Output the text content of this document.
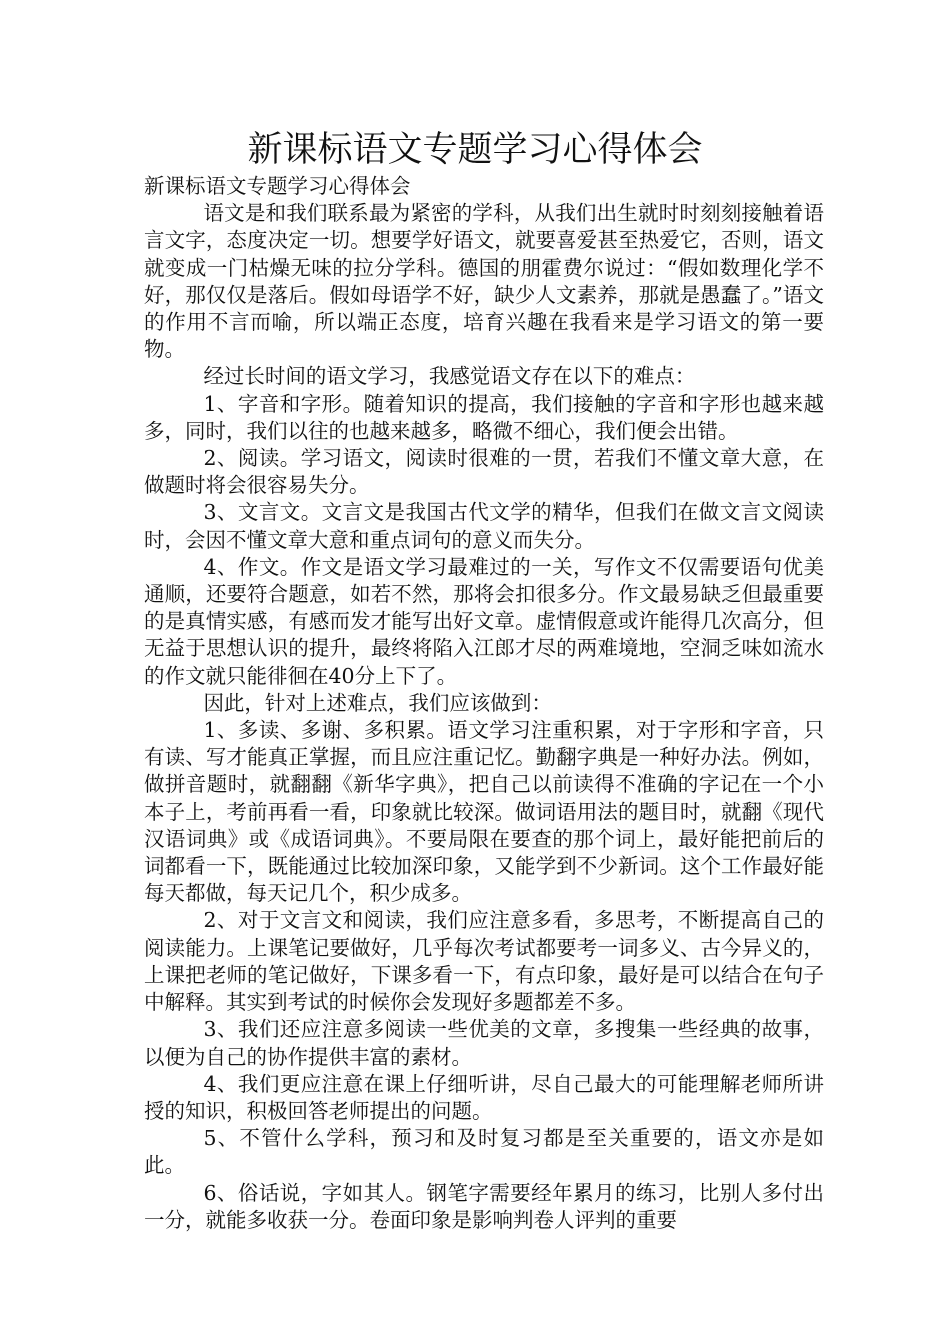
新课标语文专题学习心得体会

新课标语文专题学习心得体会

语文是和我们联系最为紧密的学科，从我们出生就时时刻刻接触着语言文字，态度决定一切。想要学好语文，就要喜爱甚至热爱它，否则，语文就变成一门枯燥无味的拉分学科。德国的朋霍费尔说过：“假如数理化学不好，那仅仅是落后。假如母语学不好，缺少人文素养，那就是愚蠢了。”语文的作用不言而喻，所以端正态度，培育兴趣在我看来是学习语文的第一要物。

经过长时间的语文学习，我感觉语文存在以下的难点：

1、字音和字形。随着知识的提高，我们接触的字音和字形也越来越多，同时，我们以往的也越来越多，略微不细心，我们便会出错。

2、阅读。学习语文，阅读时很难的一贯，若我们不懂文章大意，在做题时将会很容易失分。

3、文言文。文言文是我国古代文学的精华，但我们在做文言文阅读时，会因不懂文章大意和重点词句的意义而失分。

4、作文。作文是语文学习最难过的一关，写作文不仅需要语句优美通顺，还要符合题意，如若不然，那将会扣很多分。作文最易缺乏但最重要的是真情实感，有感而发才能写出好文章。虚情假意或许能得几次高分，但无益于思想认识的提升，最终将陷入江郎才尽的两难境地，空洞乏味如流水的作文就只能徘徊在40分上下了。

因此，针对上述难点，我们应该做到：

1、多读、多谢、多积累。语文学习注重积累，对于字形和字音，只有读、写才能真正掌握，而且应注重记忆。勤翻字典是一种好办法。例如，做拼音题时，就翻翻《新华字典》，把自己以前读得不准确的字记在一个小本子上，考前再看一看，印象就比较深。做词语用法的题目时，就翻《现代汉语词典》或《成语词典》。不要局限在要查的那个词上，最好能把前后的词都看一下，既能通过比较加深印象，又能学到不少新词。这个工作最好能每天都做，每天记几个，积少成多。

2、对于文言文和阅读，我们应注意多看，多思考，不断提高自己的阅读能力。上课笔记要做好，几乎每次考试都要考一词多义、古今异义的，上课把老师的笔记做好，下课多看一下，有点印象，最好是可以结合在句子中解释。其实到考试的时候你会发现好多题都差不多。

3、我们还应注意多阅读一些优美的文章，多搜集一些经典的故事，以便为自己的协作提供丰富的素材。

4、我们更应注意在课上仔细听讲，尽自己最大的可能理解老师所讲授的知识，积极回答老师提出的问题。

5、不管什么学科，预习和及时复习都是至关重要的，语文亦是如此。

6、俗话说，字如其人。钢笔字需要经年累月的练习，比别人多付出一分，就能多收获一分。卷面印象是影响判卷人评判的重要
